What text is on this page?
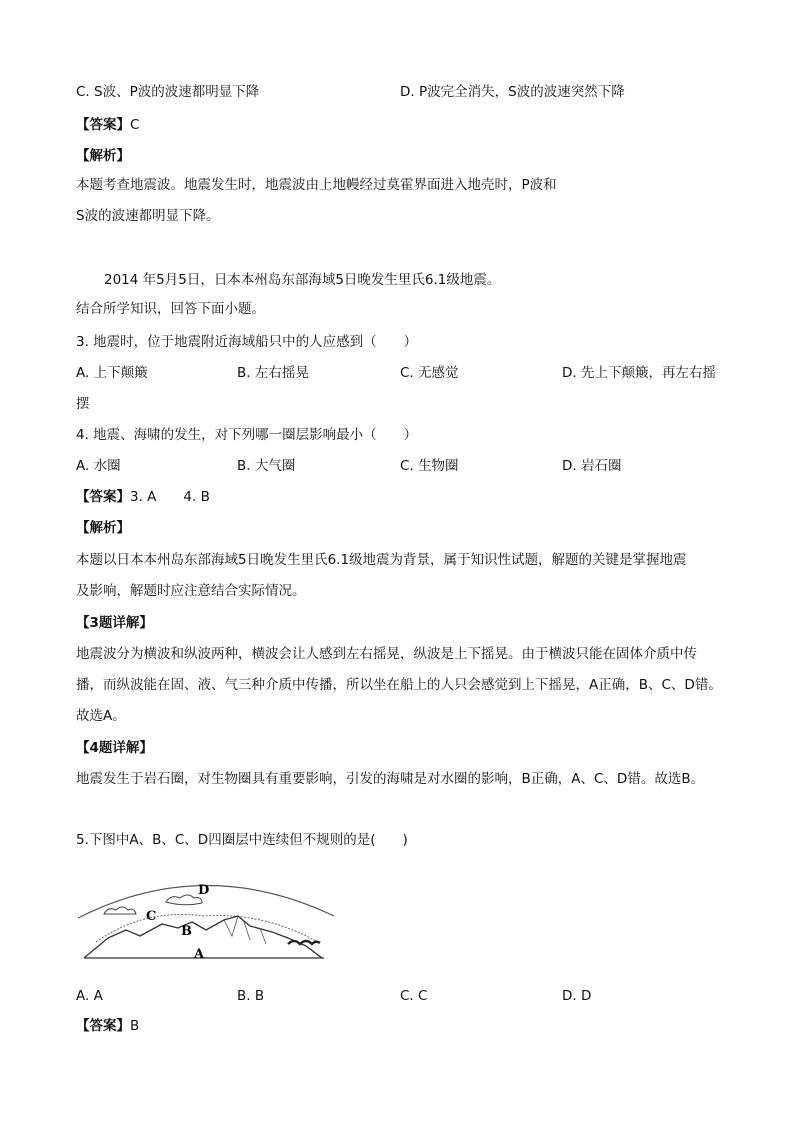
C. S波、P波的波速都明显下降	D. P波完全消失，S波的波速突然下降
【答案】C
【解析】
本题考查地震波。地震发生时，地震波由上地幔经过莫霍界面进入地壳时，P波和
S波的波速都明显下降。
2014 年5月5日，日本本州岛东部海域5日晚发生里氏6.1级地震。
结合所学知识，回答下面小题。
3. 地震时，位于地震附近海域船只中的人应感到（　　）
A. 上下颠簸	B. 左右摇晃	C. 无感觉	D. 先上下颠簸，再左右摇
摆
4. 地震、海啸的发生，对下列哪一圈层影响最小（　　）
A. 水圈	B. 大气圈	C. 生物圈	D. 岩石圈
【答案】3. A　　4. B
【解析】
本题以日本本州岛东部海域5日晚发生里氏6.1级地震为背景，属于知识性试题，解题的关键是掌握地震
及影响，解题时应注意结合实际情况。
【3题详解】
地震波分为横波和纵波两种，横波会让人感到左右摇晃，纵波是上下摇晃。由于横波只能在固体介质中传
播，而纵波能在固、液、气三种介质中传播，所以坐在船上的人只会感觉到上下摇晃，A正确，B、C、D错。
故选A。
【4题详解】
地震发生于岩石圈，对生物圈具有重要影响，引发的海啸是对水圈的影响，B正确，A、C、D错。故选B。
5.下图中A、B、C、D四圈层中连续但不规则的是(　　)
D
C
B
A
A. A	B. B	C. C	D. D
【答案】B
